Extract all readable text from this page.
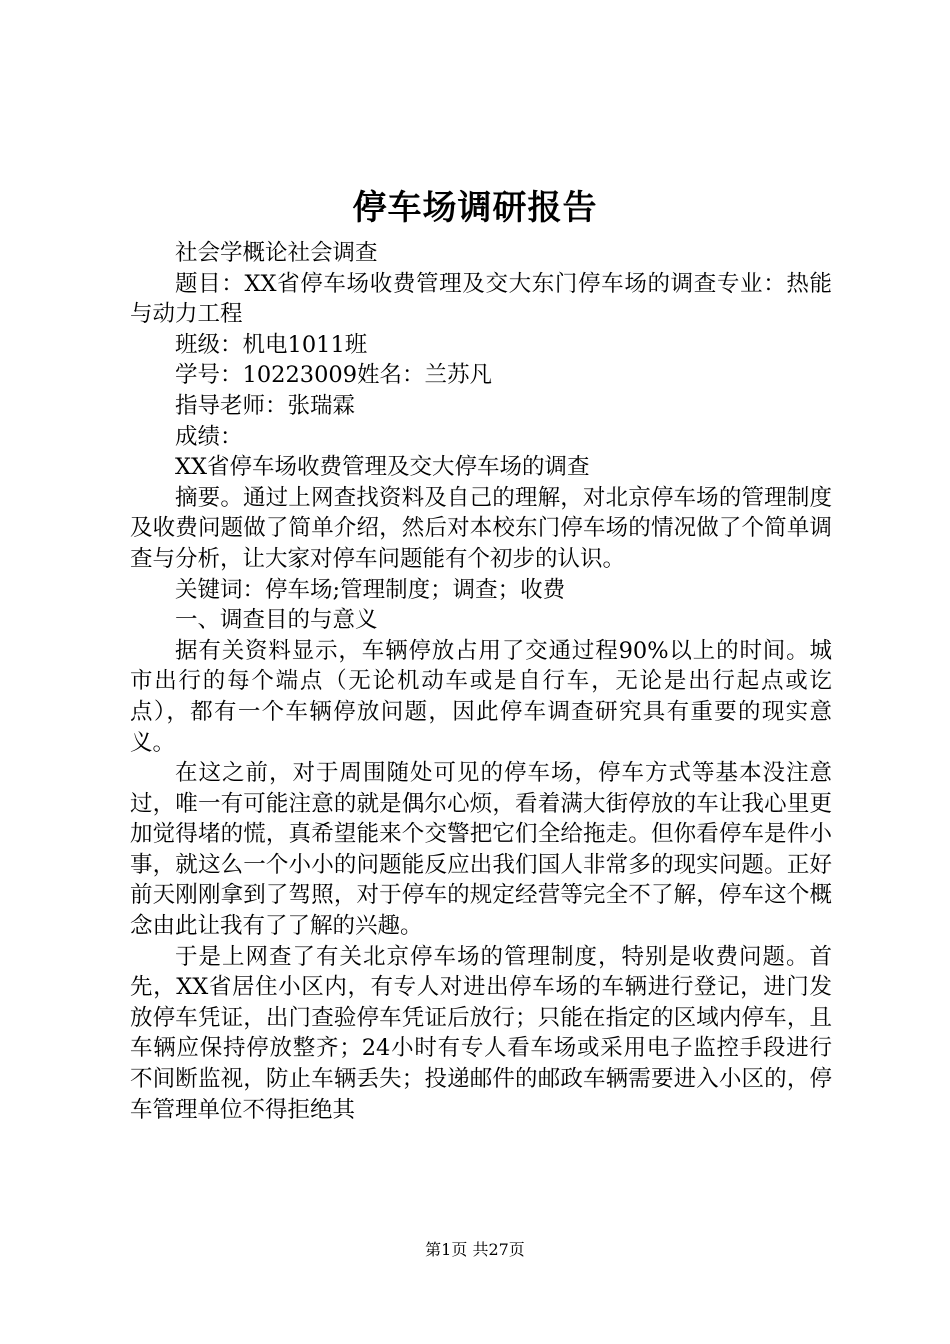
停车场调研报告

社会学概论社会调查

题目：XX省停车场收费管理及交大东门停车场的调查专业：热能与动力工程

班级：机电1011班

学号：10223009姓名：兰苏凡

指导老师：张瑞霖

成绩：

XX省停车场收费管理及交大停车场的调查

摘要。通过上网查找资料及自己的理解，对北京停车场的管理制度及收费问题做了简单介绍，然后对本校东门停车场的情况做了个简单调查与分析，让大家对停车问题能有个初步的认识。

关键词：停车场;管理制度；调查；收费

一、调查目的与意义

据有关资料显示，车辆停放占用了交通过程90%以上的时间。城市出行的每个端点（无论机动车或是自行车，无论是出行起点或讫点），都有一个车辆停放问题，因此停车调查研究具有重要的现实意义。

在这之前，对于周围随处可见的停车场，停车方式等基本没注意过，唯一有可能注意的就是偶尔心烦，看着满大街停放的车让我心里更加觉得堵的慌，真希望能来个交警把它们全给拖走。但你看停车是件小事，就这么一个小小的问题能反应出我们国人非常多的现实问题。正好前天刚刚拿到了驾照，对于停车的规定经营等完全不了解，停车这个概念由此让我有了了解的兴趣。

于是上网查了有关北京停车场的管理制度，特别是收费问题。首先，XX省居住小区内，有专人对进出停车场的车辆进行登记，进门发放停车凭证，出门查验停车凭证后放行；只能在指定的区域内停车，且车辆应保持停放整齐；24小时有专人看车场或采用电子监控手段进行不间断监视，防止车辆丢失；投递邮件的邮政车辆需要进入小区的，停车管理单位不得拒绝其

第1页 共27页
